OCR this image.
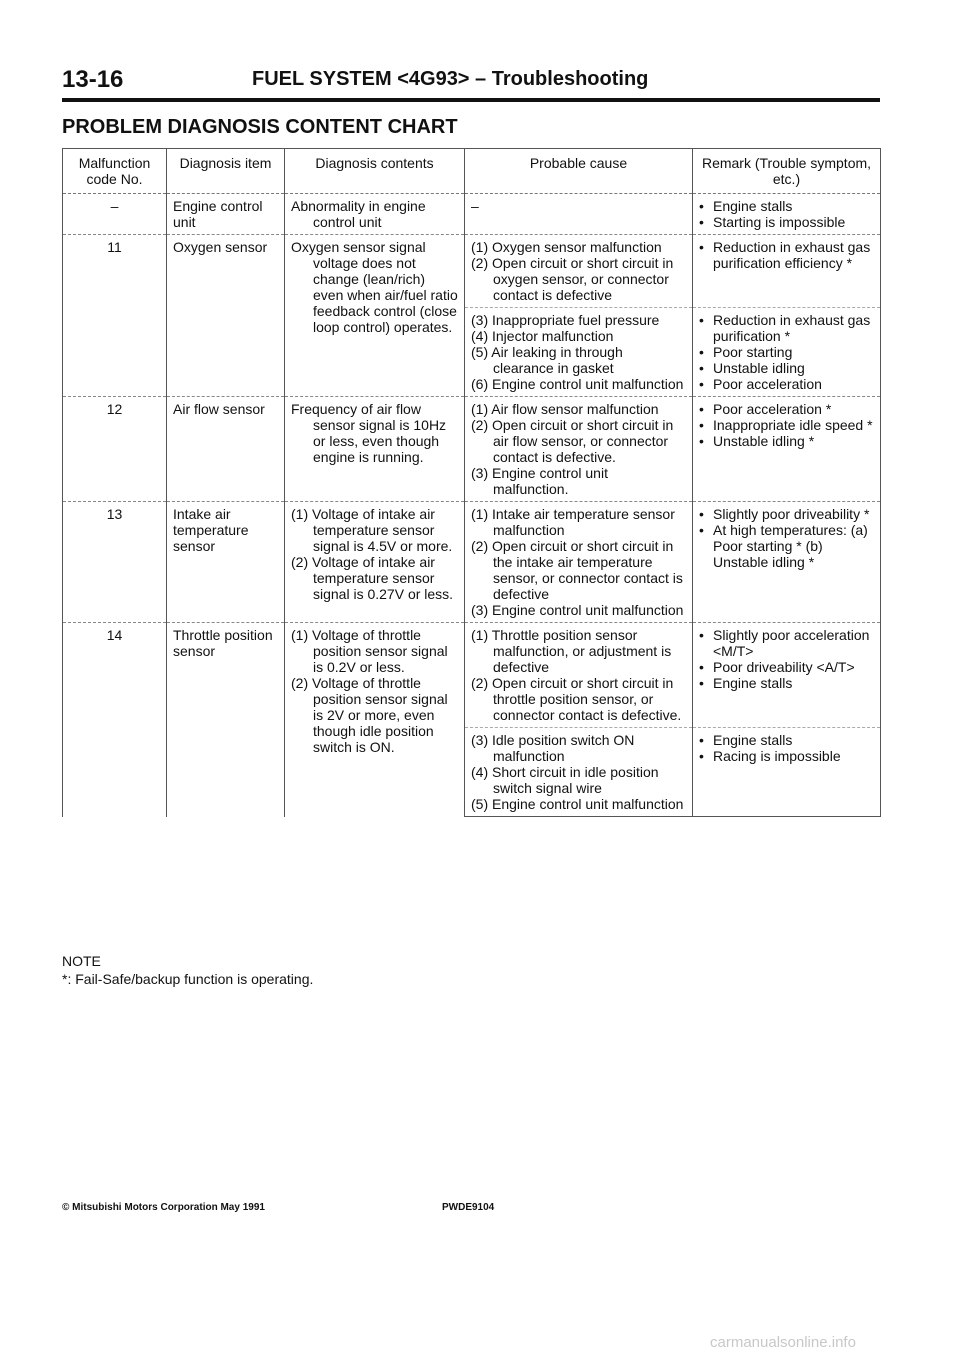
13-16	FUEL SYSTEM <4G93> – Troubleshooting
PROBLEM DIAGNOSIS CONTENT CHART
Malfunction code No.	Diagnosis item	Diagnosis contents	Probable cause	Remark (Trouble symptom, etc.)
–	Engine control unit	Abnormality in engine control unit	–	• Engine stalls
• Starting is impossible

11	Oxygen sensor	Oxygen sensor signal voltage does not change (lean/rich) even when air/fuel ratio feedback control (close loop control) operates.	(1) Oxygen sensor malfunction
(2) Open circuit or short circuit in oxygen sensor, or connector contact is defective	• Reduction in exhaust gas purification efficiency *

			(3) Inappropriate fuel pressure
(4) Injector malfunction
(5) Air leaking in through clearance in gasket
(6) Engine control unit malfunction	• Reduction in exhaust gas purification *
• Poor starting
• Unstable idling
• Poor acceleration

12	Air flow sensor	Frequency of air flow sensor signal is 10Hz or less, even though engine is running.	(1) Air flow sensor malfunction
(2) Open circuit or short circuit in air flow sensor, or connector contact is defective.
(3) Engine control unit malfunction.	• Poor acceleration *
• Inappropriate idle speed *
• Unstable idling *

13	Intake air temperature sensor	(1) Voltage of intake air temperature sensor signal is 4.5V or more.
(2) Voltage of intake air temperature sensor signal is 0.27V or less.	(1) Intake air temperature sensor malfunction
(2) Open circuit or short circuit in the intake air temperature sensor, or connector contact is defective
(3) Engine control unit malfunction	• Slightly poor driveability *
• At high temperatures: (a) Poor starting * (b) Unstable idling *

14	Throttle position sensor	(1) Voltage of throttle position sensor signal is 0.2V or less.
(2) Voltage of throttle position sensor signal is 2V or more, even though idle position switch is ON.	(1) Throttle position sensor malfunction, or adjustment is defective
(2) Open circuit or short circuit in throttle position sensor, or connector contact is defective.	• Slightly poor acceleration <M/T>
• Poor driveability <A/T>
• Engine stalls

			(3) Idle position switch ON malfunction
(4) Short circuit in idle position switch signal wire
(5) Engine control unit malfunction	• Engine stalls
• Racing is impossible
NOTE
*: Fail-Safe/backup function is operating.
© Mitsubishi Motors Corporation May 1991	PWDE9104
carmanualsonline.info
